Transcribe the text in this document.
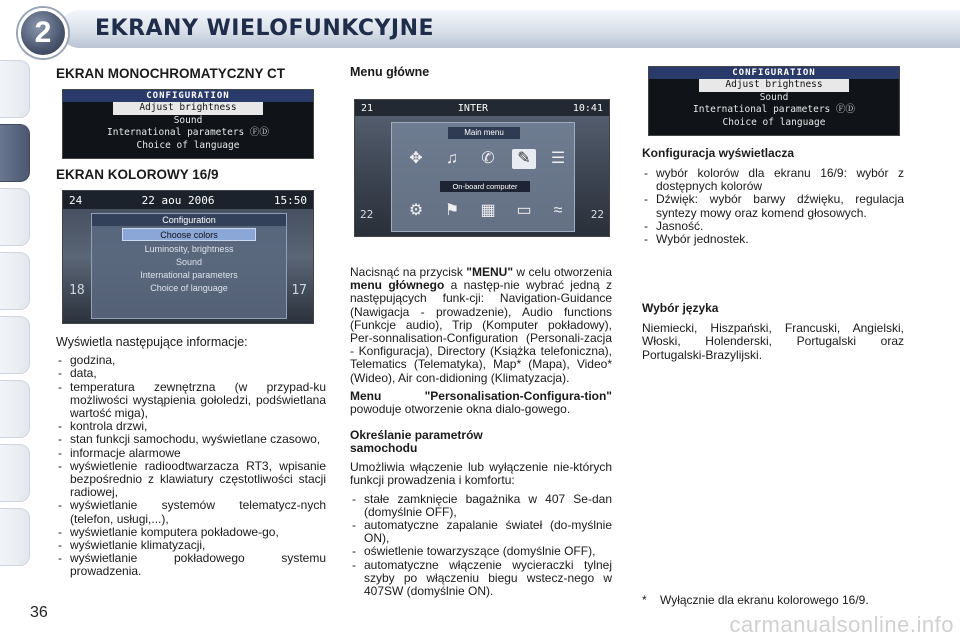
2 EKRANY WIELOFUNKCYJNE
EKRAN MONOCHROMATYCZNY CT
CONFIGURATION
Adjust brightness
Sound
International parameters ⒻⒹ
Choice of language
EKRAN KOLOROWY 16/9
24	22 aou 2006	15:50
Configuration
Choose colors
Luminosity, brightness
Sound
International parameters
Choice of language
18	17
Wyświetla następujące informacje:
- godzina,
- data,
- temperatura zewnętrzna (w przypad-ku możliwości wystąpienia gołoledzi, podświetlana wartość miga),
- kontrola drzwi,
- stan funkcji samochodu, wyświetlane czasowo,
- informacje alarmowe
- wyświetlenie radioodtwarzacza RT3, wpisanie bezpośrednio z klawiatury częstotliwości stacji radiowej,
- wyświetlanie systemów telematycz-nych (telefon, usługi,...),
- wyświetlanie komputera pokładowe-go,
- wyświetlanie klimatyzacji,
- wyświetlanie pokładowego systemu prowadzenia.
Menu główne
21	INTER	10:41
Main menu
✥	♫	✆	✎	☰
On-board computer
⚙	⚑	▦ ▭	≈
22	22

Nacisnąć na przycisk "MENU" w celu otworzenia menu głównego a następ-nie wybrać jedną z następujących funk-cji: Navigation-Guidance (Nawigacja - prowadzenie), Audio functions (Funkcje audio), Trip (Komputer pokładowy), Per-sonnalisation-Configuration (Personali-zacja - Konfiguracja), Directory (Książka telefoniczna), Telematics (Telematyka), Map* (Mapa), Video* (Wideo), Air con-didioning (Klimatyzacja).

Menu "Personalisation-Configura-tion" powoduje otworzenie okna dialo-gowego.

Określanie parametrów samochodu

Umożliwia włączenie lub wyłączenie nie-których funkcji prowadzenia i komfortu:

- stałe zamknięcie bagażnika w 407 Se-dan (domyślnie OFF),
- automatyczne zapalanie świateł (do-myślnie ON),
- oświetlenie towarzyszące (domyślnie OFF),
- automatyczne włączenie wycieraczki tylnej szyby po włączeniu biegu wstecz-nego w 407SW (domyślnie ON).
CONFIGURATION
Adjust brightness
Sound
International parameters ⒻⒹ
Choice of language
Konfiguracja wyświetlacza
- wybór kolorów dla ekranu 16/9: wybór z dostępnych kolorów
- Dźwięk: wybór barwy dźwięku, regulacja syntezy mowy oraz komend głosowych.
- Jasność.
- Wybór jednostek.
Wybór języka

Niemiecki, Hiszpański, Francuski, Angielski, Włoski, Holenderski, Portugalski oraz Portugalski-Brazylijski.

*	Wyłącznie dla ekranu kolorowego 16/9.
36	carmanualsonline.info
